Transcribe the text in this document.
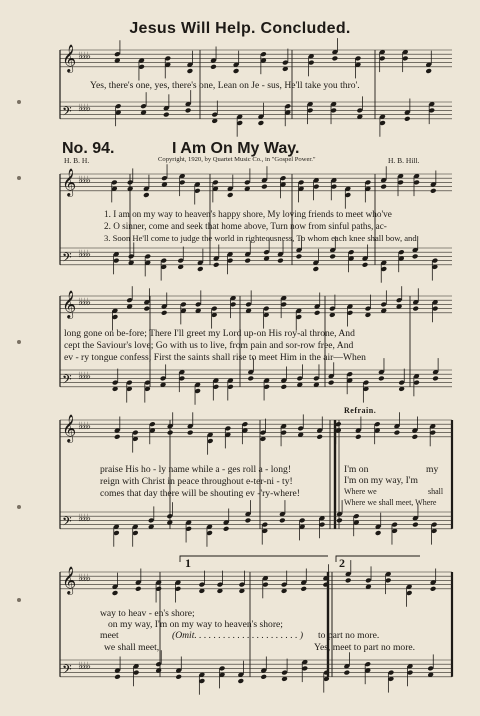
Jesus Will Help. Concluded.
𝄞 ♭♭♭♭
𝄢 ♭♭♭♭
Yes, there's one, yes, there's one, Lean on Je - sus, He'll take you thro'.
No. 94.	I Am On My Way.
H. B. H.	Copyright, 1920, by Quartet Music Co., in "Gospel Power."	H. B. Hill.
𝄞 ♭♭♭♭
𝄢 ♭♭♭♭
1. I am on my way to heaven's happy shore, My loving friends to meet who've
2. O sinner, come and seek that home above, Turn now from sinful paths, ac-
3. Soon He'll come to judge the world in righteousness, To whom each knee shall bow, and
𝄞 ♭♭♭♭
𝄢 ♭♭♭♭
long gone on be-fore; There I'll greet my Lord up-on His roy-al throne, And
cept the Saviour's love; Go with us to live, from pain and sor-row free, And
ev - ry tongue confess; First the saints shall rise to meet Him in the air—When
Refrain.
𝄞 ♭♭♭♭
𝄢 ♭♭♭♭
praise His ho - ly name while a - ges roll a - long!
reign with Christ in peace throughout e-ter-ni - ty!
comes that day there will be shouting ev -'ry-where!
I'm on	my
I'm on my way, I'm
Where we	shall
Where we shall meet, Where
1	2
𝄞 ♭♭♭♭
𝄢 ♭♭♭♭
way to heav - en's shore;
on my way, I'm on my way to heaven's shore;
meet	(Omit. . . . . . . . . . . . . . . . . . . . . . ) to part no more.
we shall meet,	Yes, meet to part no more.
